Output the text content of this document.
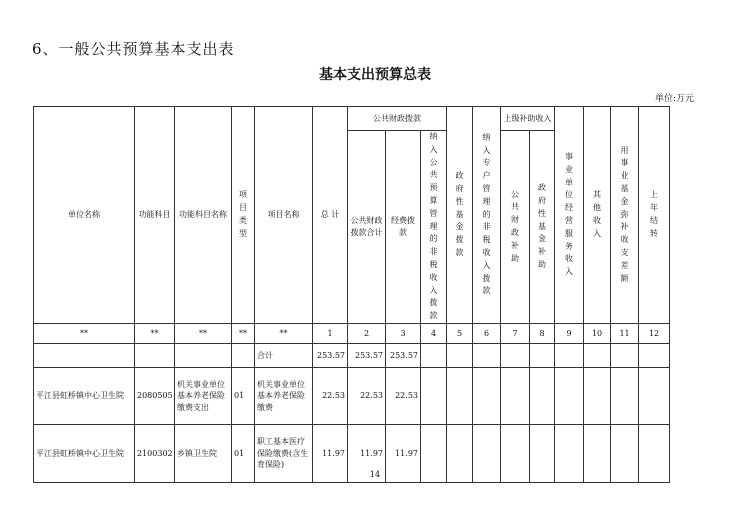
6、一般公共预算基本支出表
基本支出预算总表
单位:万元
单位名称	功能科目	功能科目名称	项目类型	项目名称	总 计	公共财政拨款			政府性基金拨款	纳入专户管理的非税收入拨款	上级补助收入		事业单位经营服务收入	其他收入	用事业基金弥补收支差额	上年结转
						公共财政拨款合计	经费拨款	纳入公共预算管理的非税收入拨款			公共财政补助	政府性基金补助				
**	**	**	**	**	1	2	3	4	5	6	7	8	9	10	11	12
				合计	253.57	253.57	253.57									
平江县虹桥镇中心卫生院	2080505	机关事业单位基本养老保险缴费支出	01	机关事业单位基本养老保险缴费	22.53	22.53	22.53									
平江县虹桥镇中心卫生院	2100302	乡镇卫生院	01	职工基本医疗保险缴费(含生育保险)	11.97	11.97	11.97									
14
